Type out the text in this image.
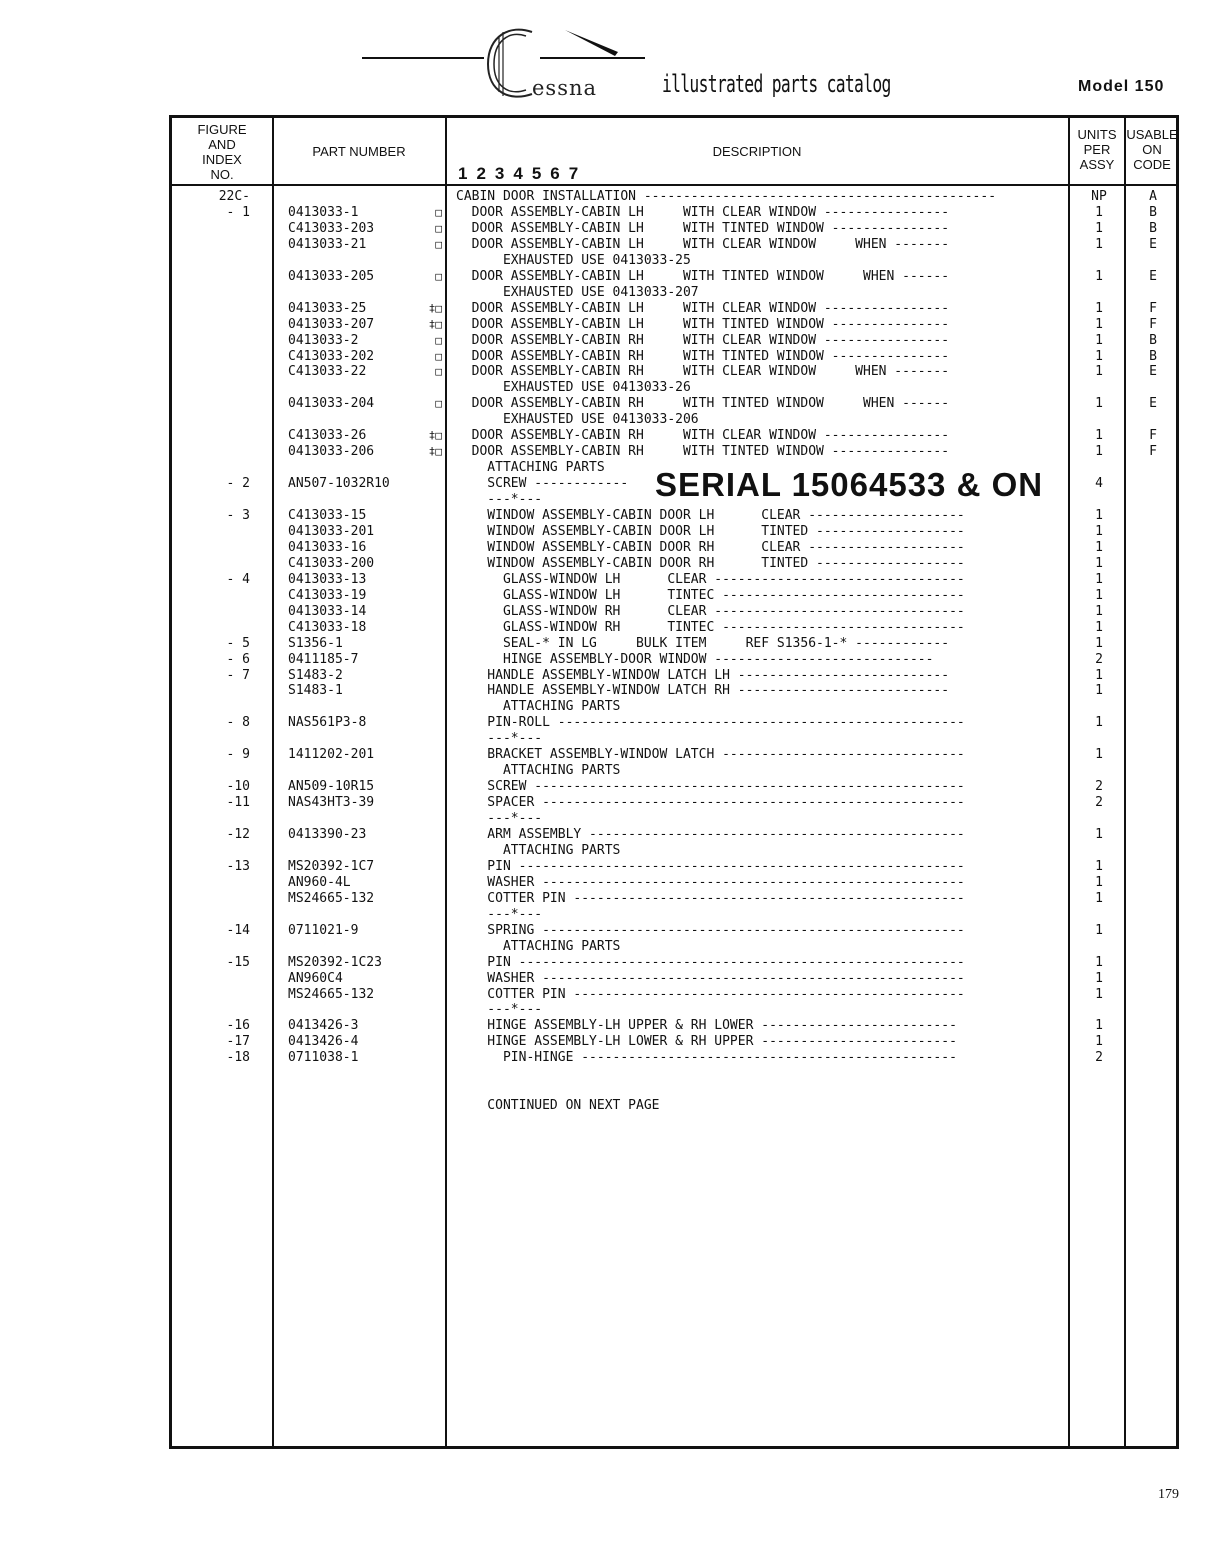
essna	illustrated parts catalog	Model 150
FIGURE
AND
INDEX
NO.
PART NUMBER	DESCRIPTION
1234567
UNITS
PER
ASSY
USABLE
ON
CODE
22C-	CABIN DOOR INSTALLATION ---------------------------------------------	NP	A
- 1	0413033-1	□ DOOR ASSEMBLY-CABIN LH     WITH CLEAR WINDOW ----------------	1	B
C413033-203	□ DOOR ASSEMBLY-CABIN LH     WITH TINTED WINDOW ---------------	1	B
0413033-21	□ DOOR ASSEMBLY-CABIN LH     WITH CLEAR WINDOW     WHEN -------	1	E
EXHAUSTED USE 0413033-25
0413033-205	□ DOOR ASSEMBLY-CABIN LH     WITH TINTED WINDOW     WHEN ------	1	E
EXHAUSTED USE 0413033-207
0413033-25	‡□ DOOR ASSEMBLY-CABIN LH     WITH CLEAR WINDOW ----------------	1	F
0413033-207	‡□ DOOR ASSEMBLY-CABIN LH     WITH TINTED WINDOW ---------------	1	F
0413033-2	□ DOOR ASSEMBLY-CABIN RH     WITH CLEAR WINDOW ----------------	1	B
C413033-202	□ DOOR ASSEMBLY-CABIN RH     WITH TINTED WINDOW ---------------	1	B
C413033-22	□ DOOR ASSEMBLY-CABIN RH     WITH CLEAR WINDOW     WHEN -------	1	E
EXHAUSTED USE 0413033-26
0413033-204	□ DOOR ASSEMBLY-CABIN RH     WITH TINTED WINDOW     WHEN ------	1	E
EXHAUSTED USE 0413033-206
C413033-26	‡□ DOOR ASSEMBLY-CABIN RH     WITH CLEAR WINDOW ----------------	1	F
0413033-206	‡□ DOOR ASSEMBLY-CABIN RH     WITH TINTED WINDOW ---------------	1	F
ATTACHING PARTS
- 2	AN507-1032R10	SCREW ------------	4
---*---
- 3	C413033-15	WINDOW ASSEMBLY-CABIN DOOR LH      CLEAR --------------------	1
0413033-201	WINDOW ASSEMBLY-CABIN DOOR LH      TINTED -------------------	1
0413033-16	WINDOW ASSEMBLY-CABIN DOOR RH      CLEAR --------------------	1
C413033-200	WINDOW ASSEMBLY-CABIN DOOR RH      TINTED -------------------	1
- 4	0413033-13	GLASS-WINDOW LH      CLEAR --------------------------------	1
C413033-19	GLASS-WINDOW LH      TINTEC -------------------------------	1
0413033-14	GLASS-WINDOW RH      CLEAR --------------------------------	1
C413033-18	GLASS-WINDOW RH      TINTEC -------------------------------	1
- 5	S1356-1	SEAL-* IN LG     BULK ITEM     REF S1356-1-* ------------	1
- 6	0411185-7	HINGE ASSEMBLY-DOOR WINDOW ----------------------------	2
- 7	S1483-2	HANDLE ASSEMBLY-WINDOW LATCH LH ---------------------------	1
S1483-1	HANDLE ASSEMBLY-WINDOW LATCH RH ---------------------------	1
ATTACHING PARTS
- 8	NAS561P3-8	PIN-ROLL ----------------------------------------------------	1
---*---
- 9	1411202-201	BRACKET ASSEMBLY-WINDOW LATCH -------------------------------	1
ATTACHING PARTS
-10	AN509-10R15	SCREW -------------------------------------------------------	2
-11	NAS43HT3-39	SPACER ------------------------------------------------------	2
---*---
-12	0413390-23	ARM ASSEMBLY ------------------------------------------------	1
ATTACHING PARTS
-13	MS20392-1C7	PIN ---------------------------------------------------------	1
AN960-4L	WASHER ------------------------------------------------------	1
MS24665-132	COTTER PIN --------------------------------------------------	1
---*---
-14	0711021-9	SPRING ------------------------------------------------------	1
ATTACHING PARTS
-15	MS20392-1C23	PIN ---------------------------------------------------------	1
AN960C4	WASHER ------------------------------------------------------	1
MS24665-132	COTTER PIN --------------------------------------------------	1
---*---
-16	0413426-3	HINGE ASSEMBLY-LH UPPER & RH LOWER -------------------------	1
-17	0413426-4	HINGE ASSEMBLY-LH LOWER & RH UPPER -------------------------	1
-18	0711038-1	PIN-HINGE ------------------------------------------------	2
CONTINUED ON NEXT PAGE
SERIAL 15064533 & ON
179
